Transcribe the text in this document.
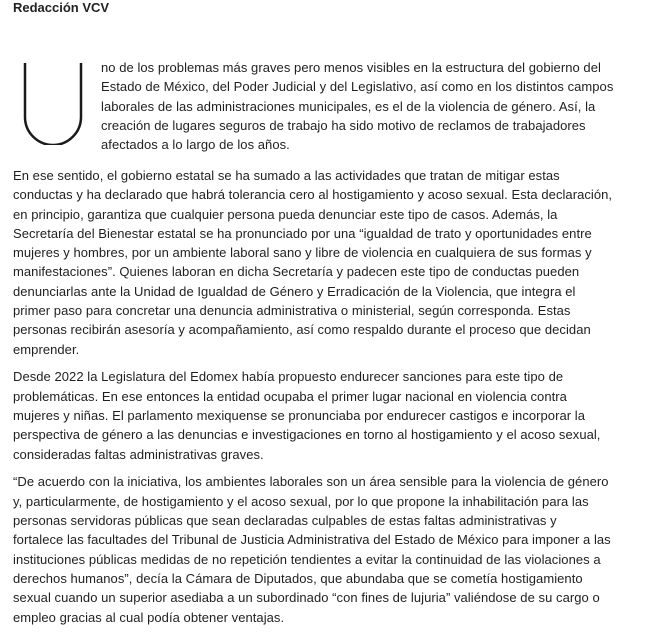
Redacción VCV
no de los problemas más graves pero menos visibles en la estructura del gobierno del
Estado de México, del Poder Judicial y del Legislativo, así como en los distintos campos
laborales de las administraciones municipales, es el de la violencia de género. Así, la
creación de lugares seguros de trabajo ha sido motivo de reclamos de trabajadores
afectados a lo largo de los años.
En ese sentido, el gobierno estatal se ha sumado a las actividades que tratan de mitigar estas
conductas y ha declarado que habrá tolerancia cero al hostigamiento y acoso sexual. Esta declaración,
en principio, garantiza que cualquier persona pueda denunciar este tipo de casos. Además, la
Secretaría del Bienestar estatal se ha pronunciado por una “igualdad de trato y oportunidades entre
mujeres y hombres, por un ambiente laboral sano y libre de violencia en cualquiera de sus formas y
manifestaciones”. Quienes laboran en dicha Secretaría y padecen este tipo de conductas pueden
denunciarlas ante la Unidad de Igualdad de Género y Erradicación de la Violencia, que integra el
primer paso para concretar una denuncia administrativa o ministerial, según corresponda. Estas
personas recibirán asesoría y acompañamiento, así como respaldo durante el proceso que decidan
emprender.
Desde 2022 la Legislatura del Edomex había propuesto endurecer sanciones para este tipo de
problemáticas. En ese entonces la entidad ocupaba el primer lugar nacional en violencia contra
mujeres y niñas. El parlamento mexiquense se pronunciaba por endurecer castigos e incorporar la
perspectiva de género a las denuncias e investigaciones en torno al hostigamiento y el acoso sexual,
consideradas faltas administrativas graves.
“De acuerdo con la iniciativa, los ambientes laborales son un área sensible para la violencia de género
y, particularmente, de hostigamiento y el acoso sexual, por lo que propone la inhabilitación para las
personas servidoras públicas que sean declaradas culpables de estas faltas administrativas y
fortalece las facultades del Tribunal de Justicia Administrativa del Estado de México para imponer a las
instituciones públicas medidas de no repetición tendientes a evitar la continuidad de las violaciones a
derechos humanos”, decía la Cámara de Diputados, que abundaba que se cometía hostigamiento
sexual cuando un superior asediaba a un subordinado “con fines de lujuria” valiéndose de su cargo o
empleo gracias al cual podía obtener ventajas.
